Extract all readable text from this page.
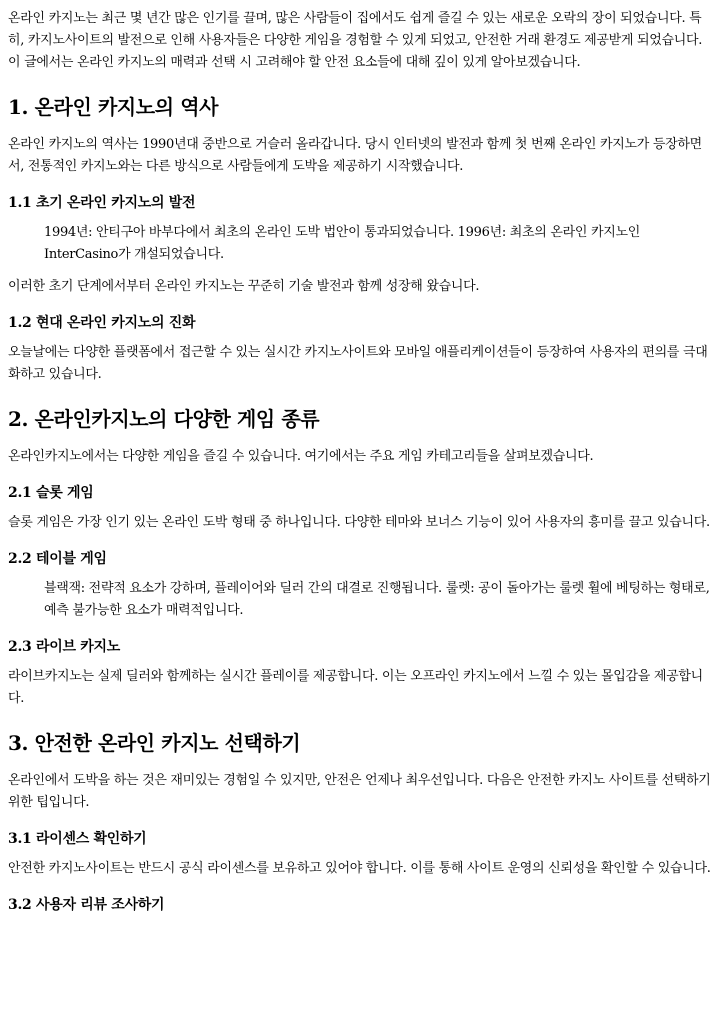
온라인 카지노는 최근 몇 년간 많은 인기를 끌며, 많은 사람들이 집에서도 쉽게 즐길 수 있는 새로운 오락의 장이 되었습니다. 특히, 카지노사이트의 발전으로 인해 사용자들은 다양한 게임을 경험할 수 있게 되었고, 안전한 거래 환경도 제공받게 되었습니다. 이 글에서는 온라인 카지노의 매력과 선택 시 고려해야 할 안전 요소들에 대해 깊이 있게 알아보겠습니다.

1. 온라인 카지노의 역사

온라인 카지노의 역사는 1990년대 중반으로 거슬러 올라갑니다. 당시 인터넷의 발전과 함께 첫 번째 온라인 카지노가 등장하면서, 전통적인 카지노와는 다른 방식으로 사람들에게 도박을 제공하기 시작했습니다.

1.1 초기 온라인 카지노의 발전

1994년: 안티구아 바부다에서 최초의 온라인 도박 법안이 통과되었습니다. 1996년: 최초의 온라인 카지노인 InterCasino가 개설되었습니다.

이러한 초기 단계에서부터 온라인 카지노는 꾸준히 기술 발전과 함께 성장해 왔습니다.

1.2 현대 온라인 카지노의 진화

오늘날에는 다양한 플랫폼에서 접근할 수 있는 실시간 카지노사이트와 모바일 애플리케이션들이 등장하여 사용자의 편의를 극대화하고 있습니다.

2. 온라인카지노의 다양한 게임 종류

온라인카지노에서는 다양한 게임을 즐길 수 있습니다. 여기에서는 주요 게임 카테고리들을 살펴보겠습니다.

2.1 슬롯 게임

슬롯 게임은 가장 인기 있는 온라인 도박 형태 중 하나입니다. 다양한 테마와 보너스 기능이 있어 사용자의 흥미를 끌고 있습니다.

2.2 테이블 게임

블랙잭: 전략적 요소가 강하며, 플레이어와 딜러 간의 대결로 진행됩니다. 룰렛: 공이 돌아가는 룰렛 휠에 베팅하는 형태로, 예측 불가능한 요소가 매력적입니다.

2.3 라이브 카지노

라이브카지노는 실제 딜러와 함께하는 실시간 플레이를 제공합니다. 이는 오프라인 카지노에서 느낄 수 있는 몰입감을 제공합니다.

3. 안전한 온라인 카지노 선택하기

온라인에서 도박을 하는 것은 재미있는 경험일 수 있지만, 안전은 언제나 최우선입니다. 다음은 안전한 카지노 사이트를 선택하기 위한 팁입니다.

3.1 라이센스 확인하기

안전한 카지노사이트는 반드시 공식 라이센스를 보유하고 있어야 합니다. 이를 통해 사이트 운영의 신뢰성을 확인할 수 있습니다.

3.2 사용자 리뷰 조사하기
